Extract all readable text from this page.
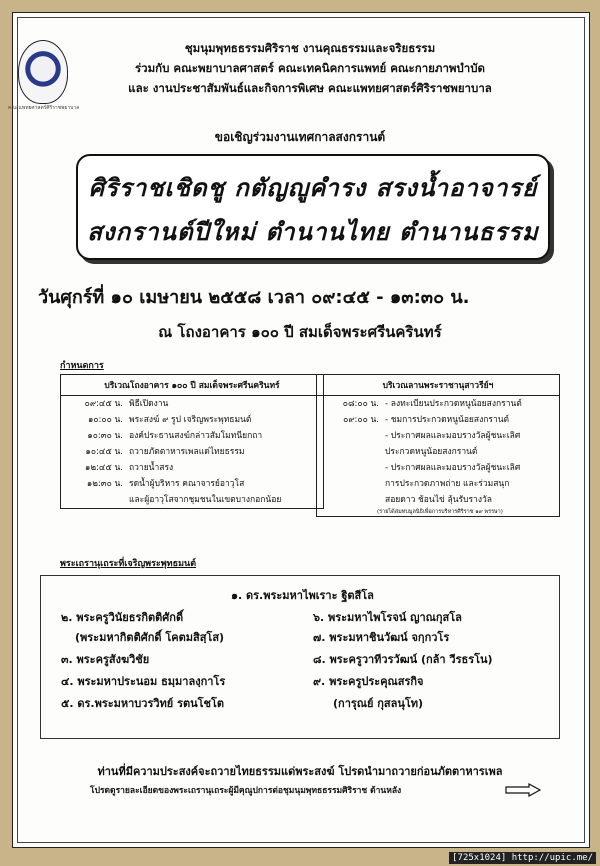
คณะแพทยศาสตร์ศิริราชพยาบาล
ชุมนุมพุทธธรรมศิริราช งานคุณธรรมและจริยธรรม
ร่วมกับ คณะพยาบาลศาสตร์ คณะเทคนิคการแพทย์ คณะกายภาพบำบัด
และ งานประชาสัมพันธ์และกิจการพิเศษ คณะแพทยศาสตร์ศิริราชพยาบาล
ขอเชิญร่วมงานเทศกาลสงกรานต์
ศิริราชเชิดชู กตัญญูคำรง สรงน้ำอาจารย์
สงกรานต์ปีใหม่ ตำนานไทย ตำนานธรรม
วันศุกร์ที่ ๑๐ เมษายน ๒๕๕๘ เวลา ๐๙:๔๕ - ๑๓:๓๐ น.
ณ โถงอาคาร ๑๐๐ ปี สมเด็จพระศรีนครินทร์
กำหนดการ
บริเวณโถงอาคาร ๑๐๐ ปี สมเด็จพระศรีนครินทร์
๐๙:๔๕ น. พิธีเปิดงาน
๑๐:๐๐ น. พระสงฆ์ ๙ รูป เจริญพระพุทธมนต์
๑๐:๓๐ น. องค์ประธานสงฆ์กล่าวสัมโมทนียกถา
๑๐:๔๕ น. ถวายภัตตาหารเพลแด่ไทยธรรม
๑๒:๔๕ น. ถวายน้ำสรง
๑๒:๓๐ น. รดน้ำผู้บริหาร คณาจารย์อาวุโส
และผู้อาวุโสจากชุมชนในเขตบางกอกน้อย
บริเวณลานพระราชานุสาวรีย์ฯ
๐๘:๐๐ น. - ลงทะเบียนประกวดหนูน้อยสงกรานต์
๐๙:๐๐ น. - ชมการประกวดหนูน้อยสงกรานต์
- ประกาศผลและมอบรางวัลผู้ชนะเลิศ
ประกวดหนูน้อยสงกรานต์
- ประกาศผลและมอบรางวัลผู้ชนะเลิศ
การประกวดภาพถ่าย และร่วมสนุก
สอยดาว ช้อนไข่ ลุ้นรับรางวัล
(รายได้สมทบมูลนิธิเพื่อการบริหารศิริราช ๑๙ พรรษา)
พระเถรานุเถระที่เจริญพระพุทธมนต์
๑. ดร.พระมหาไพเราะ ฐิตสีโล
๒. พระครูวินัยธรกิตติศักดิ์
(พระมหากิตติศักดิ์ โคตมสิสฺโส)
๓. พระครูสังฆวิชัย
๔. พระมหาประนอม ธมฺมาลงฺกาโร
๕. ดร.พระมหาบวรวิทย์ รตนโชโต
๖. พระมหาไพโรจน์ ญาณกุสโล
๗. พระมหาชินวัฒน์ จกฺกวโร
๘. พระครูวาทีวรวัฒน์ (กล้า วีรธรโน)
๙. พระครูประคุณสรกิจ
(การุณย์ กุสลนุโท)
ท่านที่มีความประสงค์จะถวายไทยธรรมแด่พระสงฆ์ โปรดนำมาถวายก่อนภัตตาหารเพล
โปรดดูรายละเอียดของพระเถรานุเถระผู้มีคุณูปการต่อชุมนุมพุทธธรรมศิริราช ด้านหลัง
[725x1024] http://upic.me/
